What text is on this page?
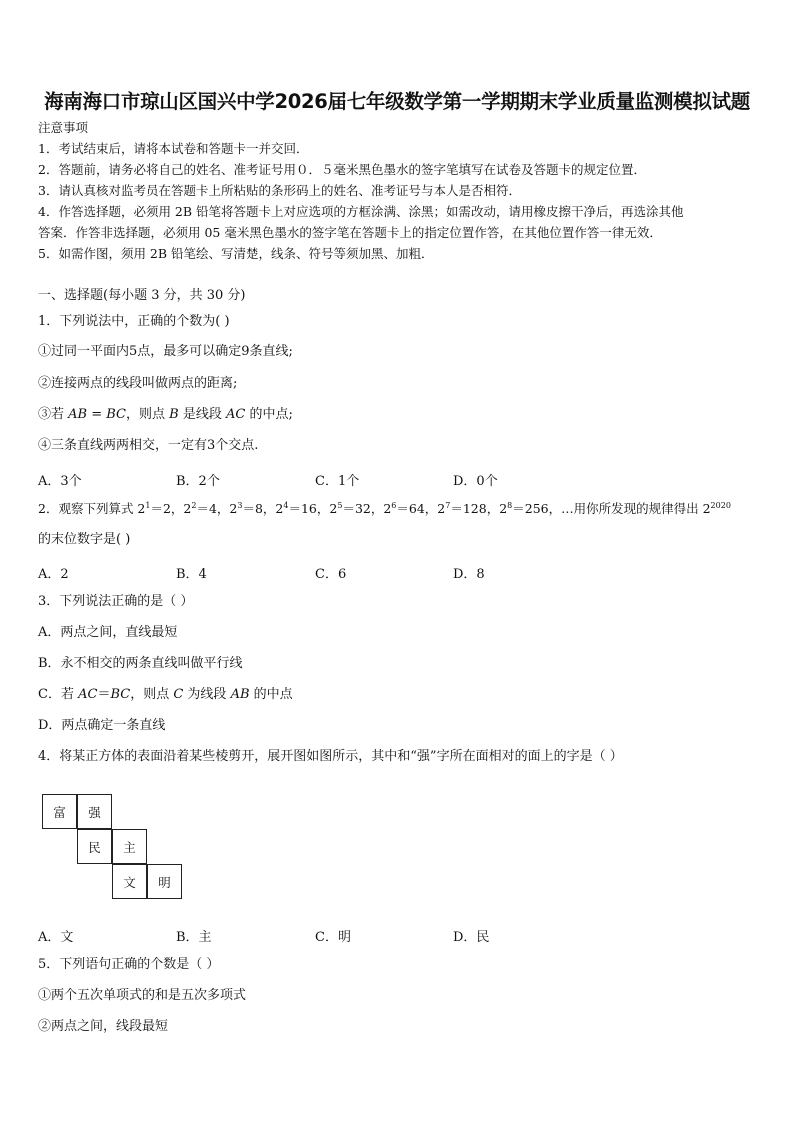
海南海口市琼山区国兴中学2026届七年级数学第一学期期末学业质量监测模拟试题
注意事项
1．考试结束后，请将本试卷和答题卡一并交回．
2．答题前，请务必将自己的姓名、准考证号用０．５毫米黑色墨水的签字笔填写在试卷及答题卡的规定位置．
3．请认真核对监考员在答题卡上所粘贴的条形码上的姓名、准考证号与本人是否相符．
4．作答选择题，必须用 2B 铅笔将答题卡上对应选项的方框涂满、涂黑；如需改动，请用橡皮擦干净后，再选涂其他
答案．作答非选择题，必须用 05 毫米黑色墨水的签字笔在答题卡上的指定位置作答，在其他位置作答一律无效．
5．如需作图，须用 2B 铅笔绘、写清楚，线条、符号等须加黑、加粗．
一、选择题(每小题 3 分，共 30 分)
1．下列说法中，正确的个数为( )
①过同一平面内5点，最多可以确定9条直线;
②连接两点的线段叫做两点的距离;
③若 AB = BC，则点 B 是线段 AC 的中点;
④三条直线两两相交，一定有3个交点.
A．3个	B．2个	C．1个	D．0个
2．观察下列算式 $2^1=2$，$2^2=4$，$2^3=8$，$2^4=16$，$2^5=32$，$2^6=64$，$2^7=128$，$2^8=256$，…用你所发现的规律得出 $2^{2020}$
的末位数字是( )
A．2	B．4	C．6	D．8
3．下列说法正确的是（ ）
A．两点之间，直线最短
B．永不相交的两条直线叫做平行线
C．若 AC＝BC，则点 C 为线段 AB 的中点
D．两点确定一条直线
4．将某正方体的表面沿着某些棱剪开，展开图如图所示，其中和“强”字所在面相对的面上的字是（ ）
富	强
民	主
文	明
A．文	B．主	C．明	D．民
5．下列语句正确的个数是（ ）
①两个五次单项式的和是五次多项式
②两点之间，线段最短
